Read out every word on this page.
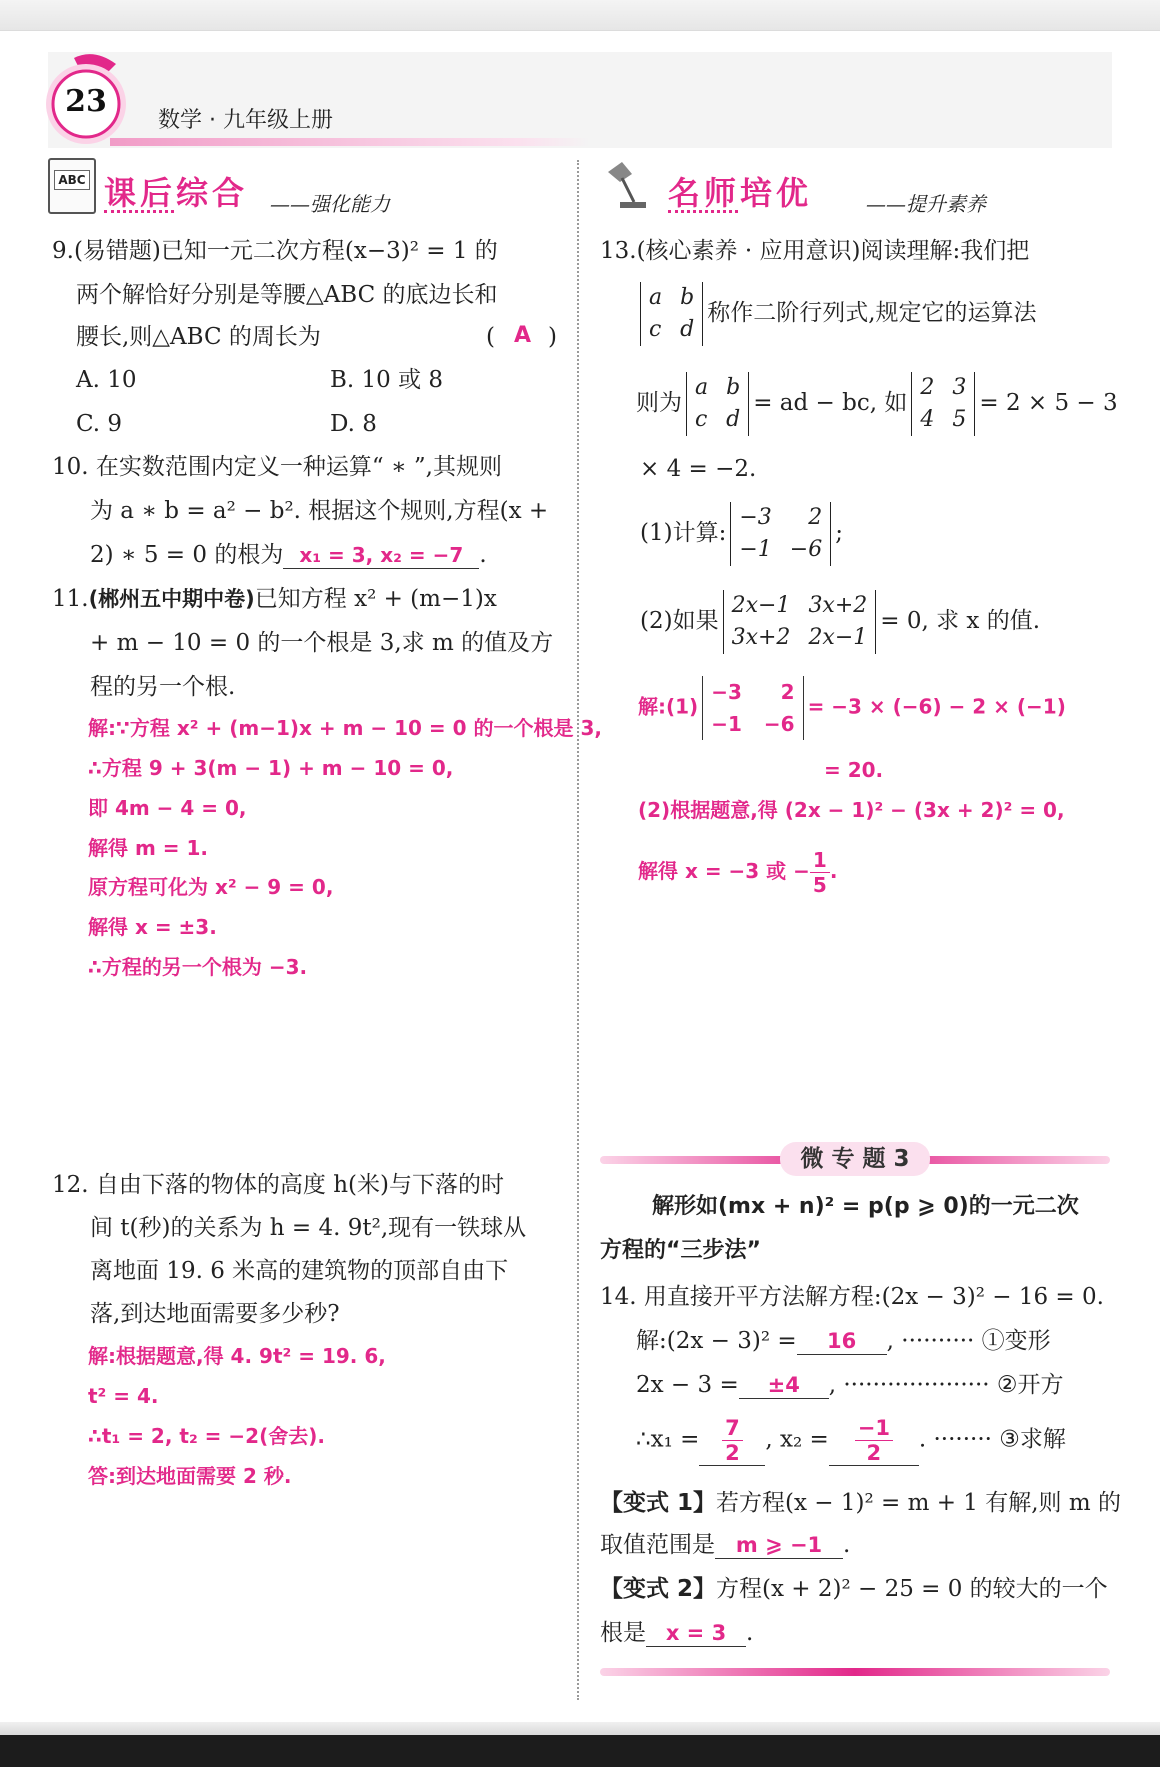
23
数学 · 九年级上册
ABC 课后综合 ——强化能力	名师培优	——提升素养
9.(易错题)已知一元二次方程(x−3)² = 1 的
两个解恰好分别是等腰△ABC 的底边长和
腰长,则△ABC 的周长为	( A )
A. 10	B. 10 或 8
C. 9	D. 8
10. 在实数范围内定义一种运算“ ∗ ”,其规则
为 a ∗ b = a² − b². 根据这个规则,方程(x +
2) ∗ 5 = 0 的根为 x₁ = 3, x₂ = −7 .
11.(郴州五中期中卷)已知方程 x² + (m−1)x
+ m − 10 = 0 的一个根是 3,求 m 的值及方
程的另一个根.
解:∵方程 x² + (m−1)x + m − 10 = 0 的一个根是 3,
∴方程 9 + 3(m − 1) + m − 10 = 0,
即 4m − 4 = 0,
解得 m = 1.
原方程可化为 x² − 9 = 0,
解得 x = ±3.
∴方程的另一个根为 −3.
12. 自由下落的物体的高度 h(米)与下落的时
间 t(秒)的关系为 h = 4. 9t²,现有一铁球从
离地面 19. 6 米高的建筑物的顶部自由下
落,到达地面需要多少秒?
解:根据题意,得 4. 9t² = 19. 6,
t² = 4.
∴t₁ = 2, t₂ = −2(舍去).
答:到达地面需要 2 秒.
13.(核心素养 · 应用意识)阅读理解:我们把
a b
c d
称作二阶行列式,规定它的运算法
则为
a b
c d
= ad − bc, 如
2 3
4 5
= 2 × 5 − 3
× 4 = −2.
(1)计算:
−3 2
−1 −6
;
(2)如果
2x−1 3x+2
3x+2 2x−1
= 0, 求 x 的值.
解:(1)
−3 2
−1 −6
= −3 × (−6) − 2 × (−1)
= 20.
(2)根据题意,得 (2x − 1)² − (3x + 2)² = 0,
解得 x = −3 或 − $\frac{1}{5}$ .
微 专 题 3
解形如(mx + n)² = p(p ⩾ 0)的一元二次
方程的“三步法”
14. 用直接开平方法解方程:(2x − 3)² − 16 = 0.
解:(2x − 3)² = 16 , ·········· ①变形
2x − 3 = ±4 , ···················· ②开方
∴x₁ = $\frac{7}{2}$ , $x_2 = \frac{-1}{2}$ . ········ ③求解
【变式 1】若方程(x − 1)² = m + 1 有解,则 m 的
取值范围是 m ⩾ −1 .
【变式 2】方程(x + 2)² − 25 = 0 的较大的一个
根是 x = 3 .
